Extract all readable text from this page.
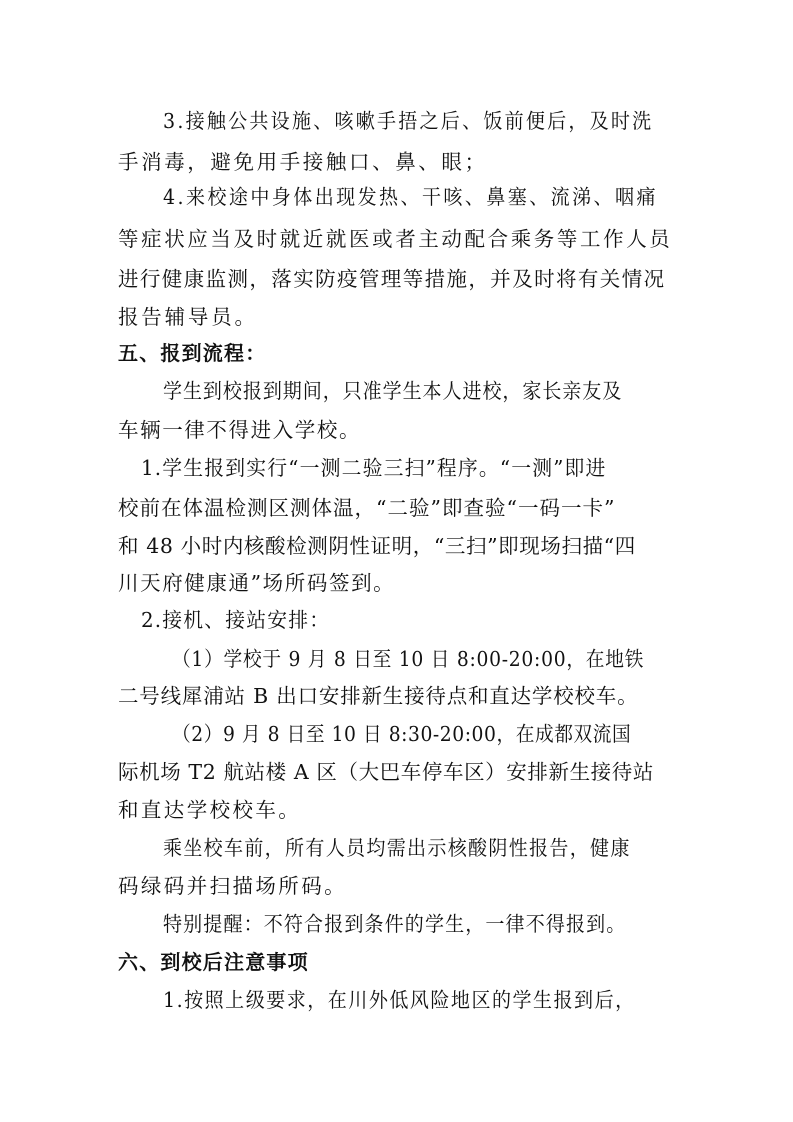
3.接触公共设施、咳嗽手捂之后、饭前便后，及时洗
手消毒，避免用手接触口、鼻、眼；
4.来校途中身体出现发热、干咳、鼻塞、流涕、咽痛
等症状应当及时就近就医或者主动配合乘务等工作人员
进行健康监测，落实防疫管理等措施，并及时将有关情况
报告辅导员。
五、报到流程：
学生到校报到期间，只准学生本人进校，家长亲友及
车辆一律不得进入学校。
1.学生报到实行“一测二验三扫”程序。“一测”即进
校前在体温检测区测体温，“二验”即查验“一码一卡”
和 48 小时内核酸检测阴性证明，“三扫”即现场扫描“四
川天府健康通”场所码签到。
2.接机、接站安排：
（1）学校于 9 月 8 日至 10 日 8:00-20:00，在地铁
二号线犀浦站 B 出口安排新生接待点和直达学校校车。
（2）9 月 8 日至 10 日 8:30-20:00，在成都双流国
际机场 T2 航站楼 A 区（大巴车停车区）安排新生接待站
和直达学校校车。
乘坐校车前，所有人员均需出示核酸阴性报告，健康
码绿码并扫描场所码。
特别提醒：不符合报到条件的学生，一律不得报到。
六、到校后注意事项
1.按照上级要求，在川外低风险地区的学生报到后，
